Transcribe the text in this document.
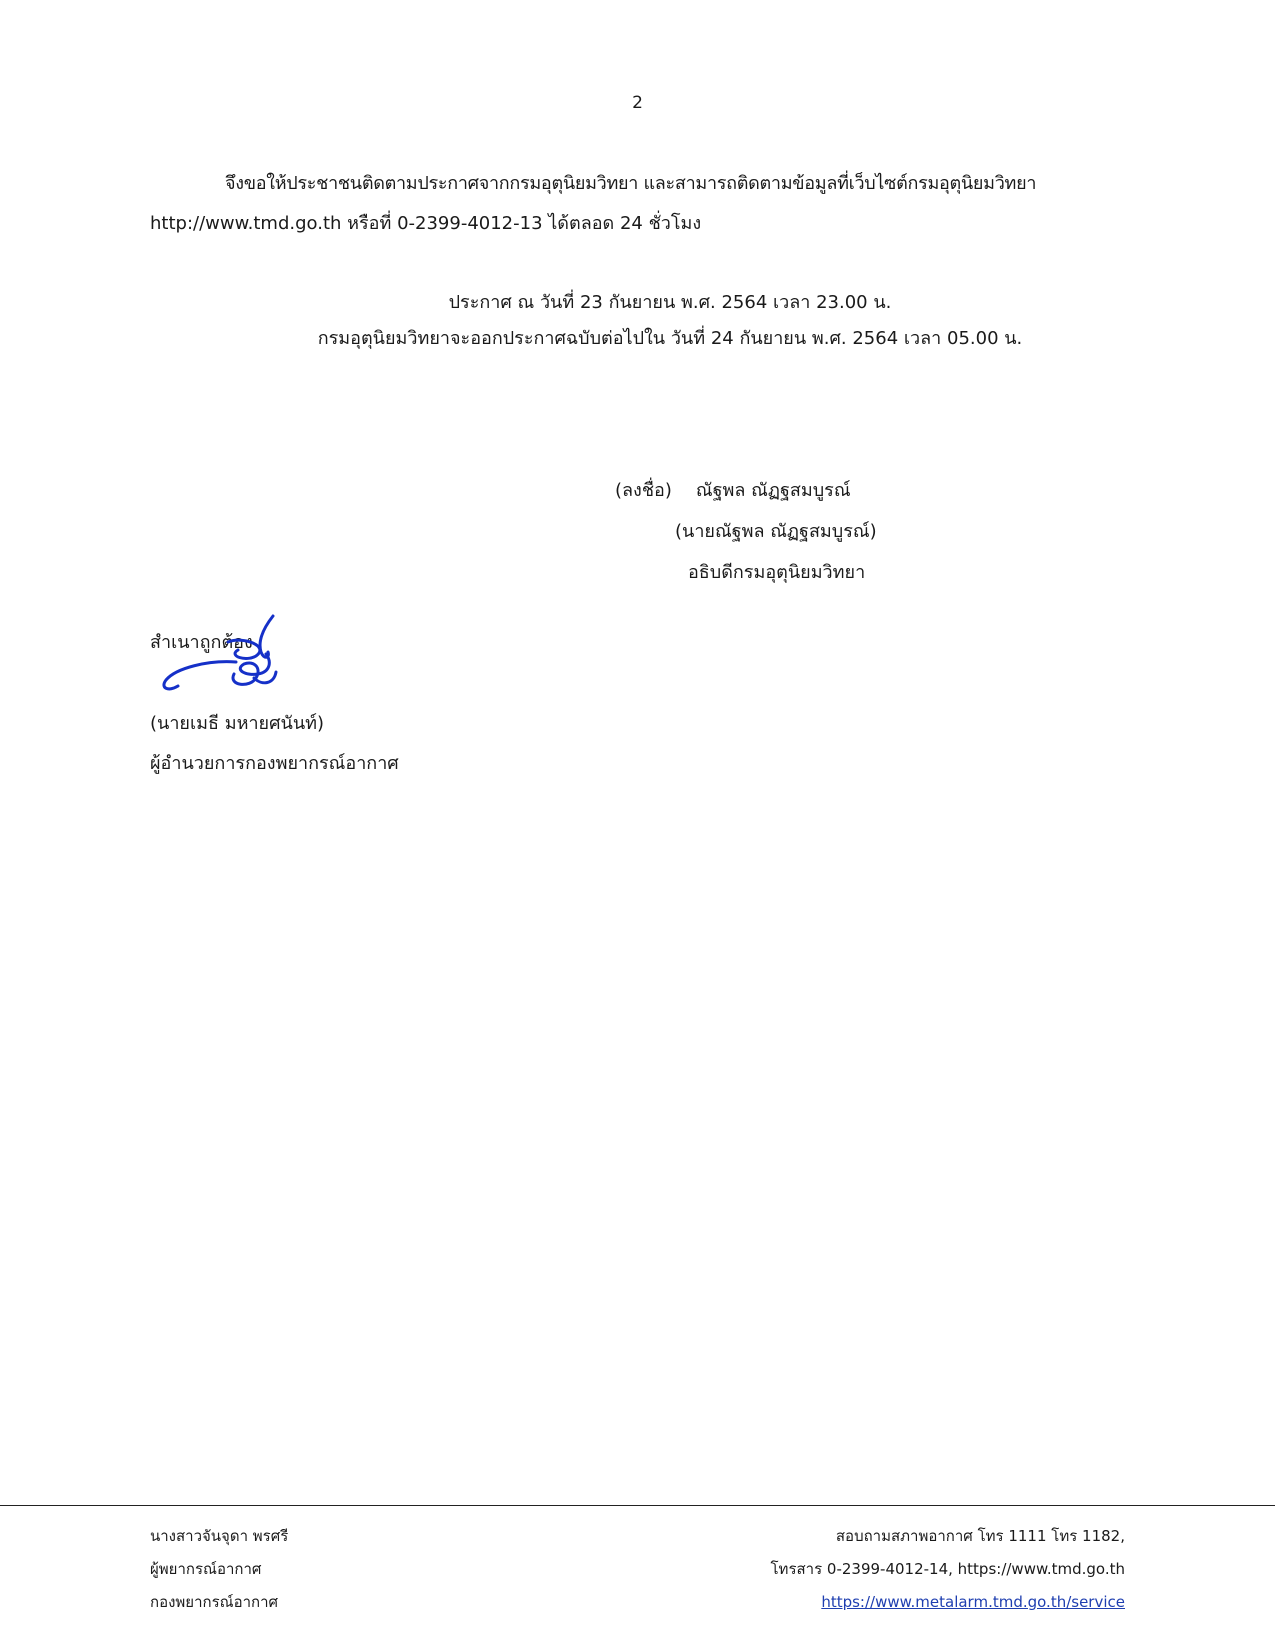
2
จึงขอให้ประชาชนติดตามประกาศจากกรมอุตุนิยมวิทยา และสามารถติดตามข้อมูลที่เว็บไซต์กรมอุตุนิยมวิทยา
http://www.tmd.go.th หรือที่ 0-2399-4012-13 ได้ตลอด 24 ชั่วโมง
ประกาศ ณ วันที่ 23 กันยายน พ.ศ. 2564 เวลา 23.00 น.
กรมอุตุนิยมวิทยาจะออกประกาศฉบับต่อไปใน วันที่ 24 กันยายน พ.ศ. 2564 เวลา 05.00 น.
(ลงชื่อ) ณัฐพล ณัฏฐสมบูรณ์
(นายณัฐพล ณัฏฐสมบูรณ์)
อธิบดีกรมอุตุนิยมวิทยา
สำเนาถูกต้อง
(นายเมธี มหายศนันท์)
ผู้อำนวยการกองพยากรณ์อากาศ
นางสาวจันจุดา พรศรี
ผู้พยากรณ์อากาศ
กองพยากรณ์อากาศ
สอบถามสภาพอากาศ โทร 1111 โทร 1182,
โทรสาร 0-2399-4012-14, https://www.tmd.go.th
https://www.metalarm.tmd.go.th/service
